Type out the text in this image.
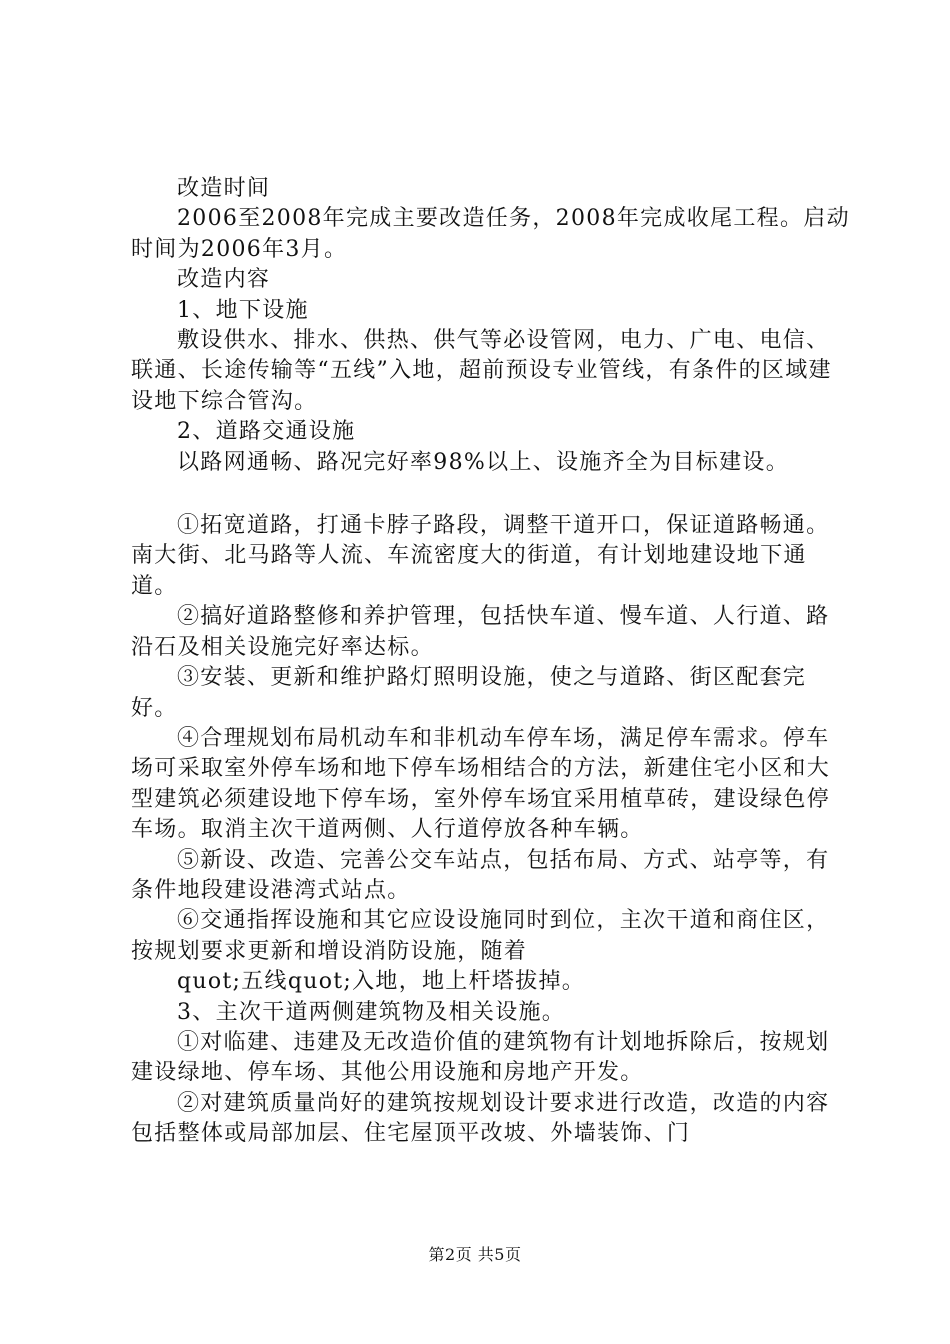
改造时间

2006至2008年完成主要改造任务，2008年完成收尾工程。启动时间为2006年3月。

改造内容

1、地下设施

敷设供水、排水、供热、供气等必设管网，电力、广电、电信、联通、长途传输等“五线”入地，超前预设专业管线，有条件的区域建设地下综合管沟。

2、道路交通设施

以路网通畅、路况完好率98%以上、设施齐全为目标建设。

①拓宽道路，打通卡脖子路段，调整干道开口，保证道路畅通。南大街、北马路等人流、车流密度大的街道，有计划地建设地下通道。

②搞好道路整修和养护管理，包括快车道、慢车道、人行道、路沿石及相关设施完好率达标。

③安装、更新和维护路灯照明设施，使之与道路、街区配套完好。

④合理规划布局机动车和非机动车停车场，满足停车需求。停车场可采取室外停车场和地下停车场相结合的方法，新建住宅小区和大型建筑必须建设地下停车场，室外停车场宜采用植草砖，建设绿色停车场。取消主次干道两侧、人行道停放各种车辆。

⑤新设、改造、完善公交车站点，包括布局、方式、站亭等，有条件地段建设港湾式站点。

⑥交通指挥设施和其它应设设施同时到位，主次干道和商住区，按规划要求更新和增设消防设施，随着

quot;五线quot;入地，地上杆塔拔掉。

3、主次干道两侧建筑物及相关设施。

①对临建、违建及无改造价值的建筑物有计划地拆除后，按规划建设绿地、停车场、其他公用设施和房地产开发。

②对建筑质量尚好的建筑按规划设计要求进行改造，改造的内容包括整体或局部加层、住宅屋顶平改坡、外墙装饰、门

第2页 共5页
